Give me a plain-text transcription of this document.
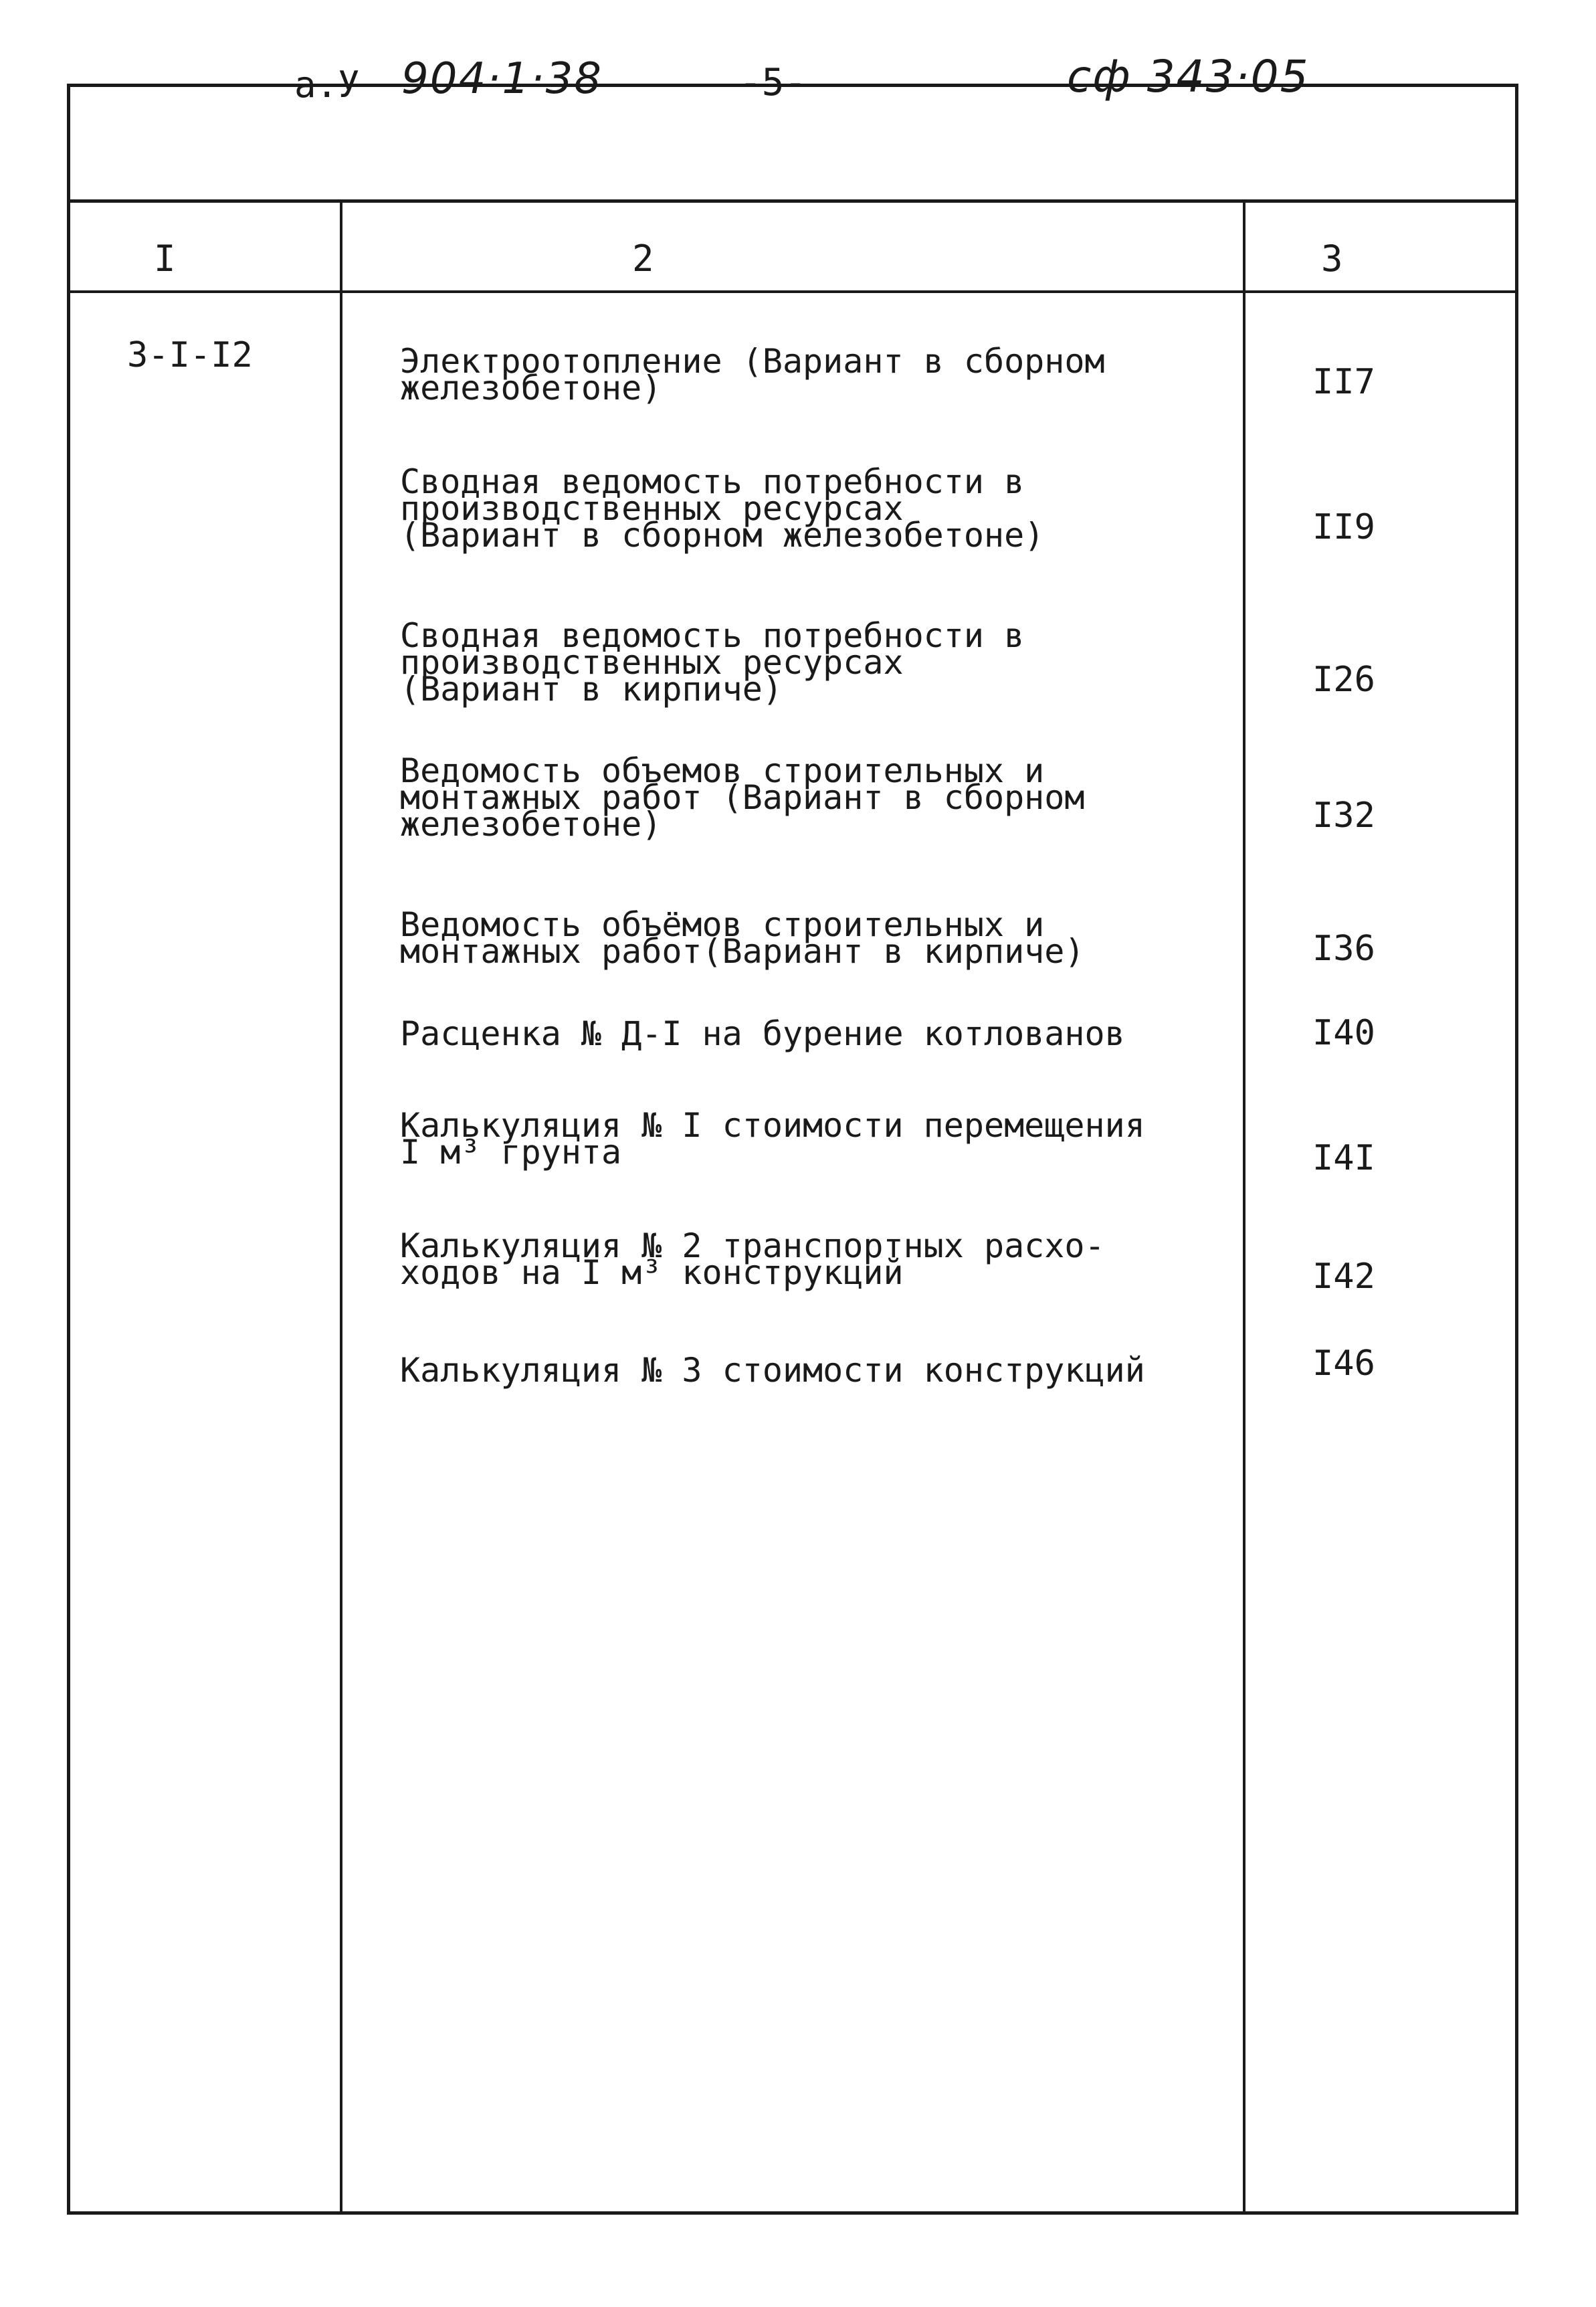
а.У 904·1·38	-5-	сф 343·05
I	2	3
3-I-I2	Электроотопление (Вариант в сборном
железобетоне)	II7
Сводная ведомость потребности в
производственных ресурсах
(Вариант в сборном железобетоне)	II9
Сводная ведомость потребности в
производственных ресурсах
(Вариант в кирпиче)	I26
Ведомость объемов строительных и
монтажных работ (Вариант в сборном
железобетоне)	I32
Ведомость объёмов строительных и
монтажных работ(Вариант в кирпиче)	I36
Расценка № Д-I на бурение котлованов	I40
Калькуляция № I стоимости перемещения
I м³ грунта	I4I
Калькуляция № 2 транспортных расхо-
ходов на I м³ конструкций	I42
Калькуляция № 3 стоимости конструкций	I46
